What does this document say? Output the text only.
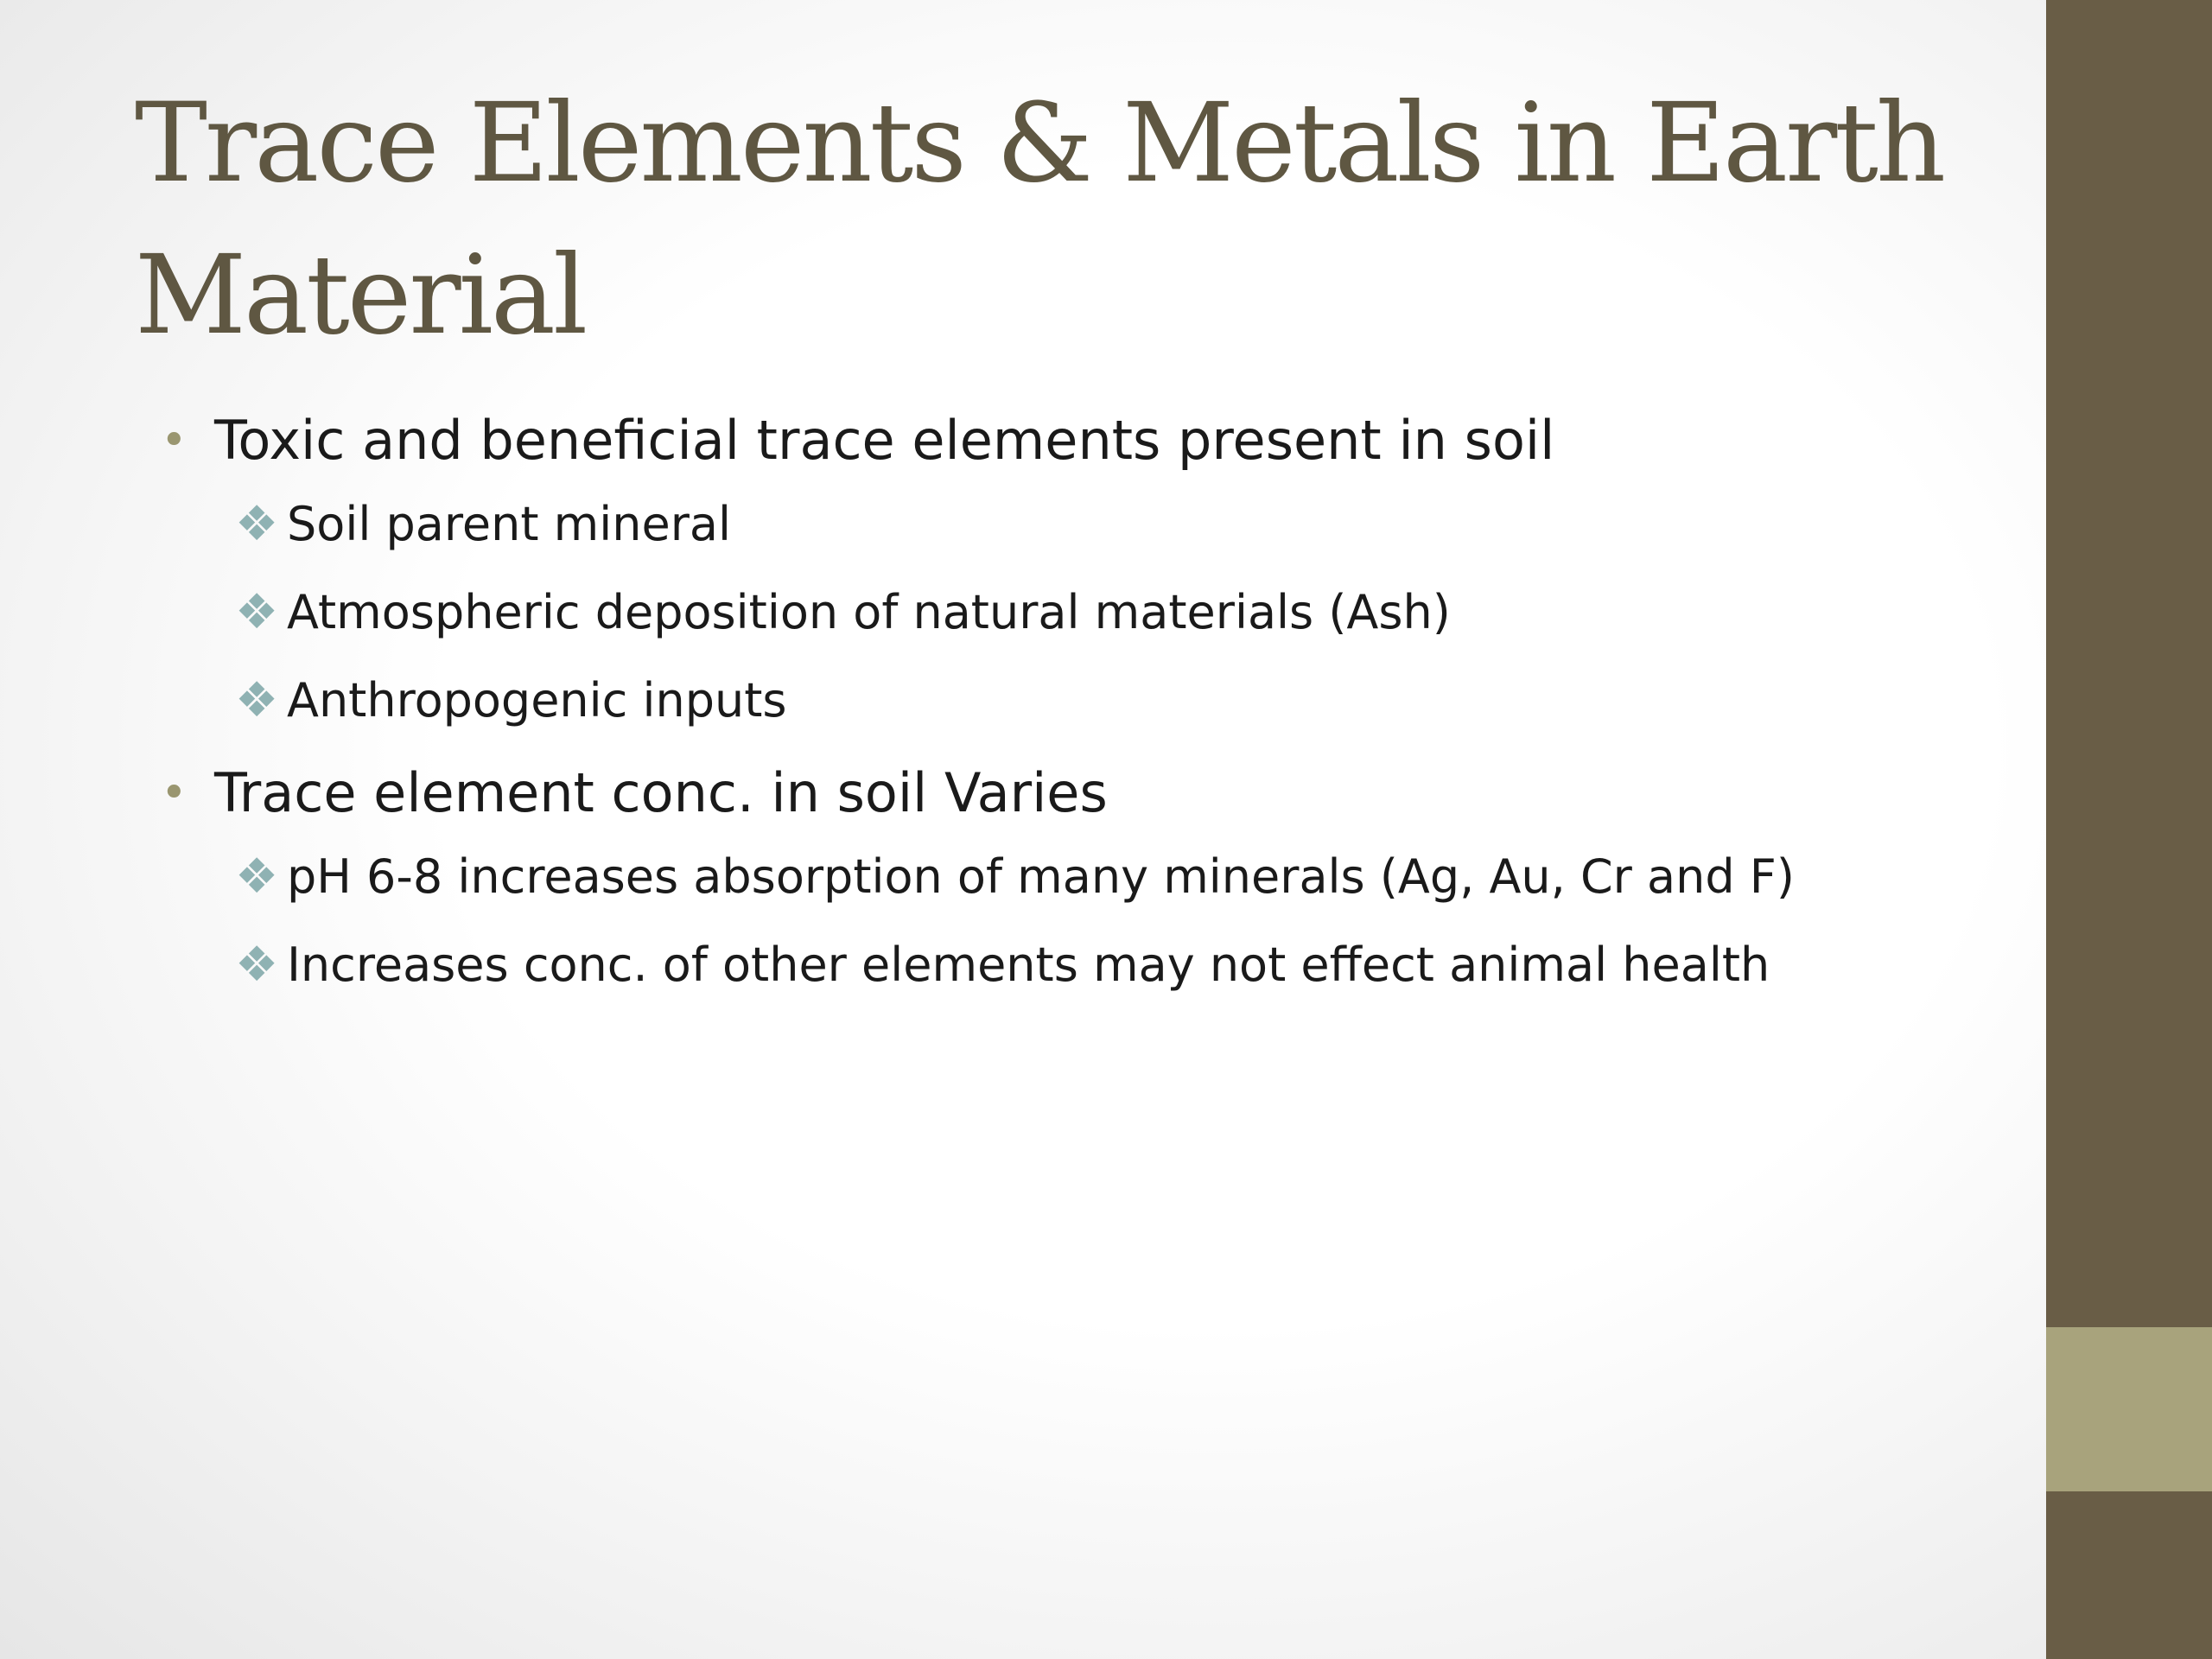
Trace Elements & Metals in Earth Material
• Toxic and beneficial trace elements present in soil
❖ Soil parent mineral
❖ Atmospheric deposition of natural materials (Ash)
❖ Anthropogenic inputs
• Trace element conc. in soil Varies
❖ pH 6-8 increases absorption of many minerals (Ag, Au, Cr and F)
❖ Increases conc. of other elements may not effect animal health
